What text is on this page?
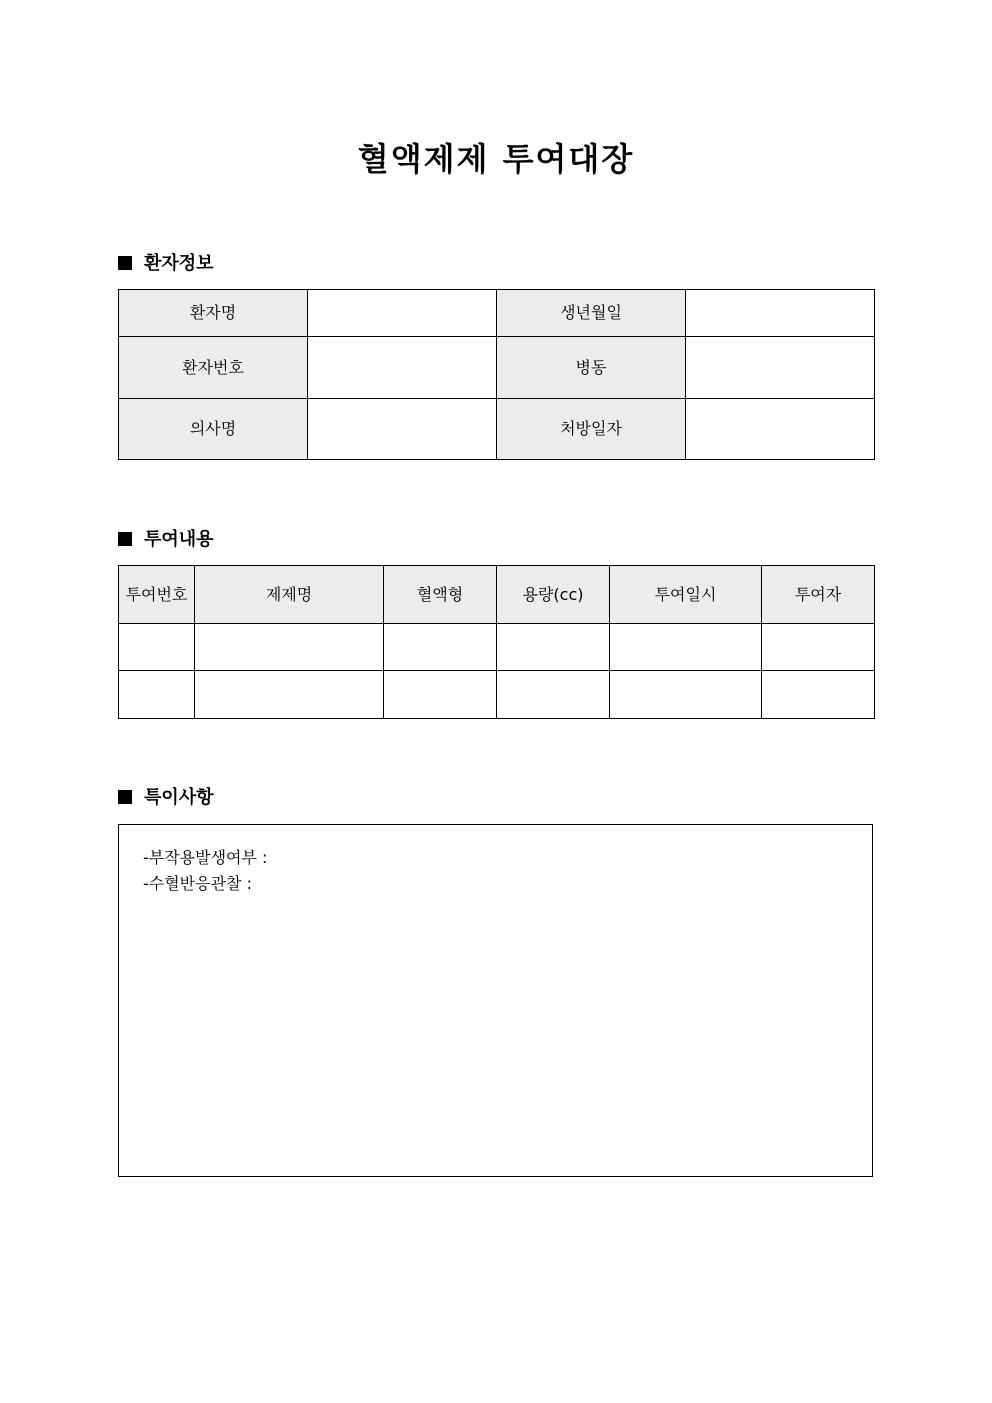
혈액제제 투여대장
환자정보
환자명		생년월일	
환자번호		병동	
의사명		처방일자	
투여내용
투여번호	제제명	혈액형	용량(cc)	투여일시	투여자

특이사항
-부작용발생여부 :
-수혈반응관찰 :
